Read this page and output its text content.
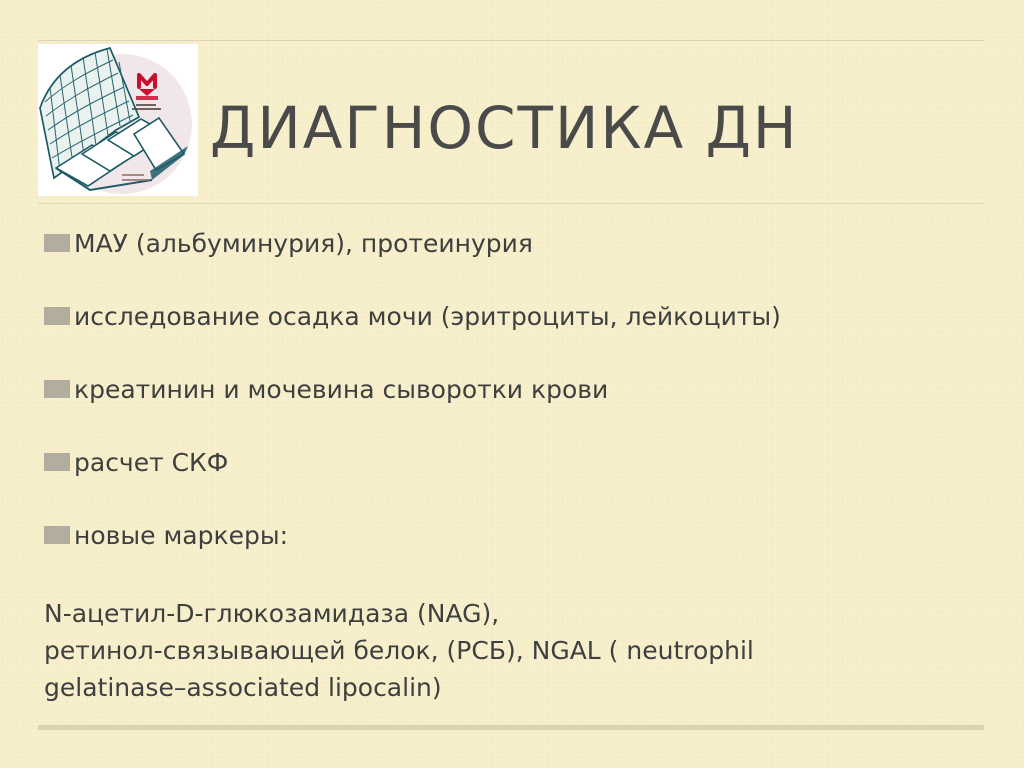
ДИАГНОСТИКА ДН
МАУ (альбуминурия), протеинурия
исследование осадка мочи (эритроциты, лейкоциты)
креатинин и мочевина сыворотки крови
расчет СКФ
новые маркеры:

N-ацетил-D-глюкозамидаза (NAG),
ретинол-связывающей белок, (РСБ), NGAL ( neutrophil
gelatinase–associated lipocalin)
